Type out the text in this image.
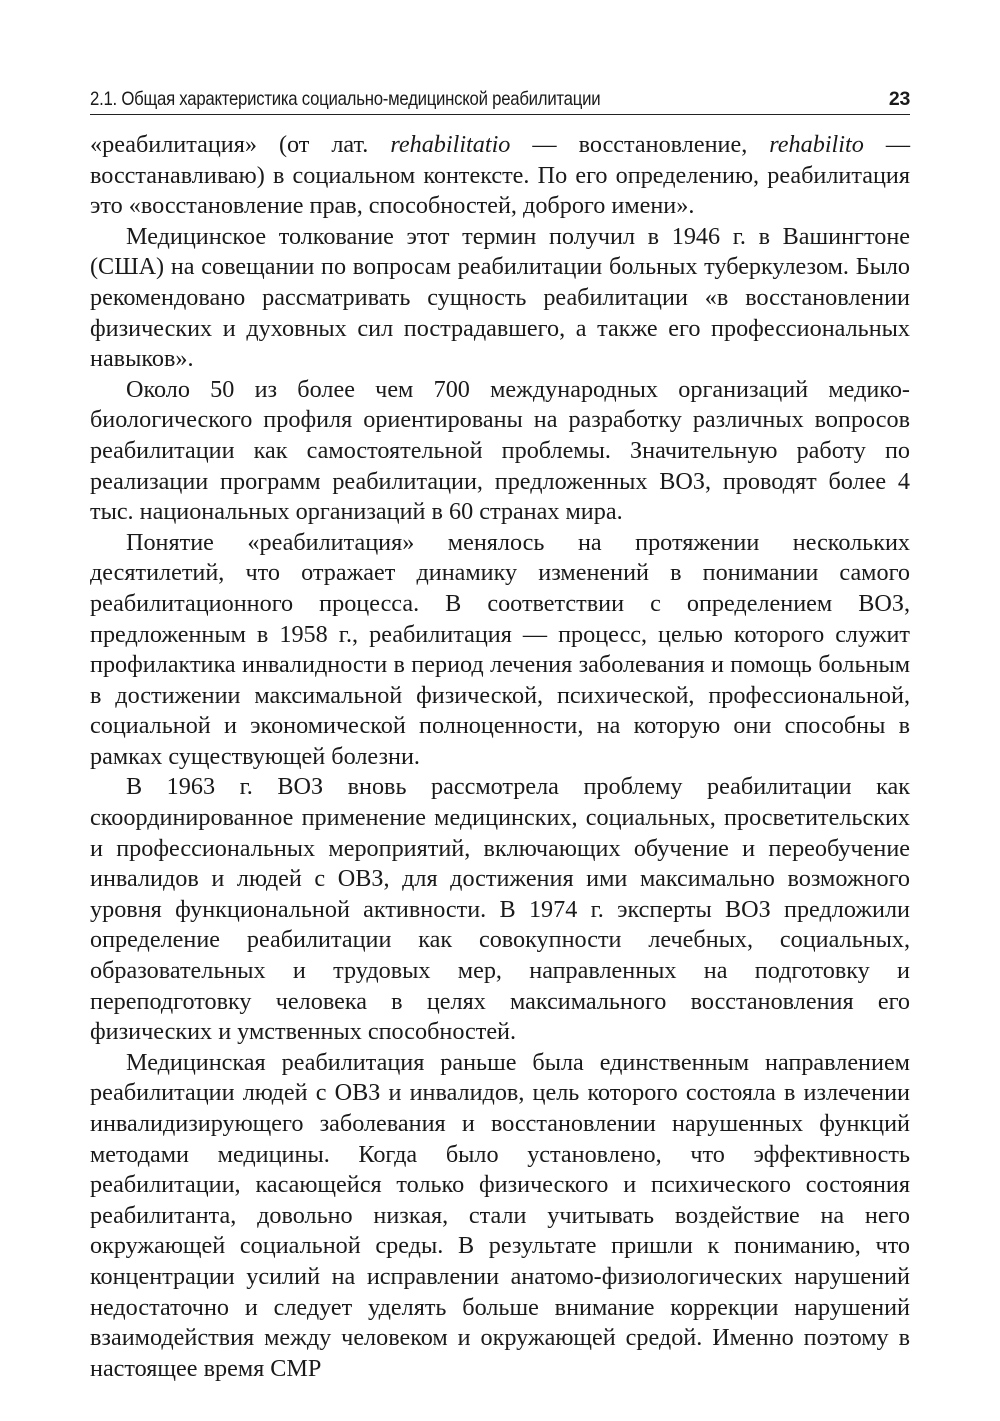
2.1. Общая характеристика социально-медицинской реабилитации	23

«реабилитация» (от лат. rehabilitatio — восстановление, rehabilito — восстанавливаю) в социальном контексте. По его определению, реабилитация это «восстановление прав, способностей, доброго имени».

Медицинское толкование этот термин получил в 1946 г. в Вашингтоне (США) на совещании по вопросам реабилитации больных туберкулезом. Было рекомендовано рассматривать сущность реабилитации «в восстановлении физических и духовных сил пострадавшего, а также его профессиональных навыков».

Около 50 из более чем 700 международных организаций медико-биологического профиля ориентированы на разработку различных вопросов реабилитации как самостоятельной проблемы. Значительную работу по реализации программ реабилитации, предложенных ВОЗ, проводят более 4 тыс. национальных организаций в 60 странах мира.

Понятие «реабилитация» менялось на протяжении нескольких десятилетий, что отражает динамику изменений в понимании самого реабилитационного процесса. В соответствии с определением ВОЗ, предложенным в 1958 г., реабилитация — процесс, целью которого служит профилактика инвалидности в период лечения заболевания и помощь больным в достижении максимальной физической, психической, профессиональной, социальной и экономической полноценности, на которую они способны в рамках существующей болезни.

В 1963 г. ВОЗ вновь рассмотрела проблему реабилитации как скоординированное применение медицинских, социальных, просветительских и профессиональных мероприятий, включающих обучение и переобучение инвалидов и людей с ОВЗ, для достижения ими максимально возможного уровня функциональной активности. В 1974 г. эксперты ВОЗ предложили определение реабилитации как совокупности лечебных, социальных, образовательных и трудовых мер, направленных на подготовку и переподготовку человека в целях максимального восстановления его физических и умственных способностей.

Медицинская реабилитация раньше была единственным направлением реабилитации людей с ОВЗ и инвалидов, цель которого состояла в излечении инвалидизирующего заболевания и восстановлении нарушенных функций методами медицины. Когда было установлено, что эффективность реабилитации, касающейся только физического и психического состояния реабилитанта, довольно низкая, стали учитывать воздействие на него окружающей социальной среды. В результате пришли к пониманию, что концентрации усилий на исправлении анатомо-физиологических нарушений недостаточно и следует уделять больше внимание коррекции нарушений взаимодействия между человеком и окружающей средой. Именно поэтому в настоящее время СМР
